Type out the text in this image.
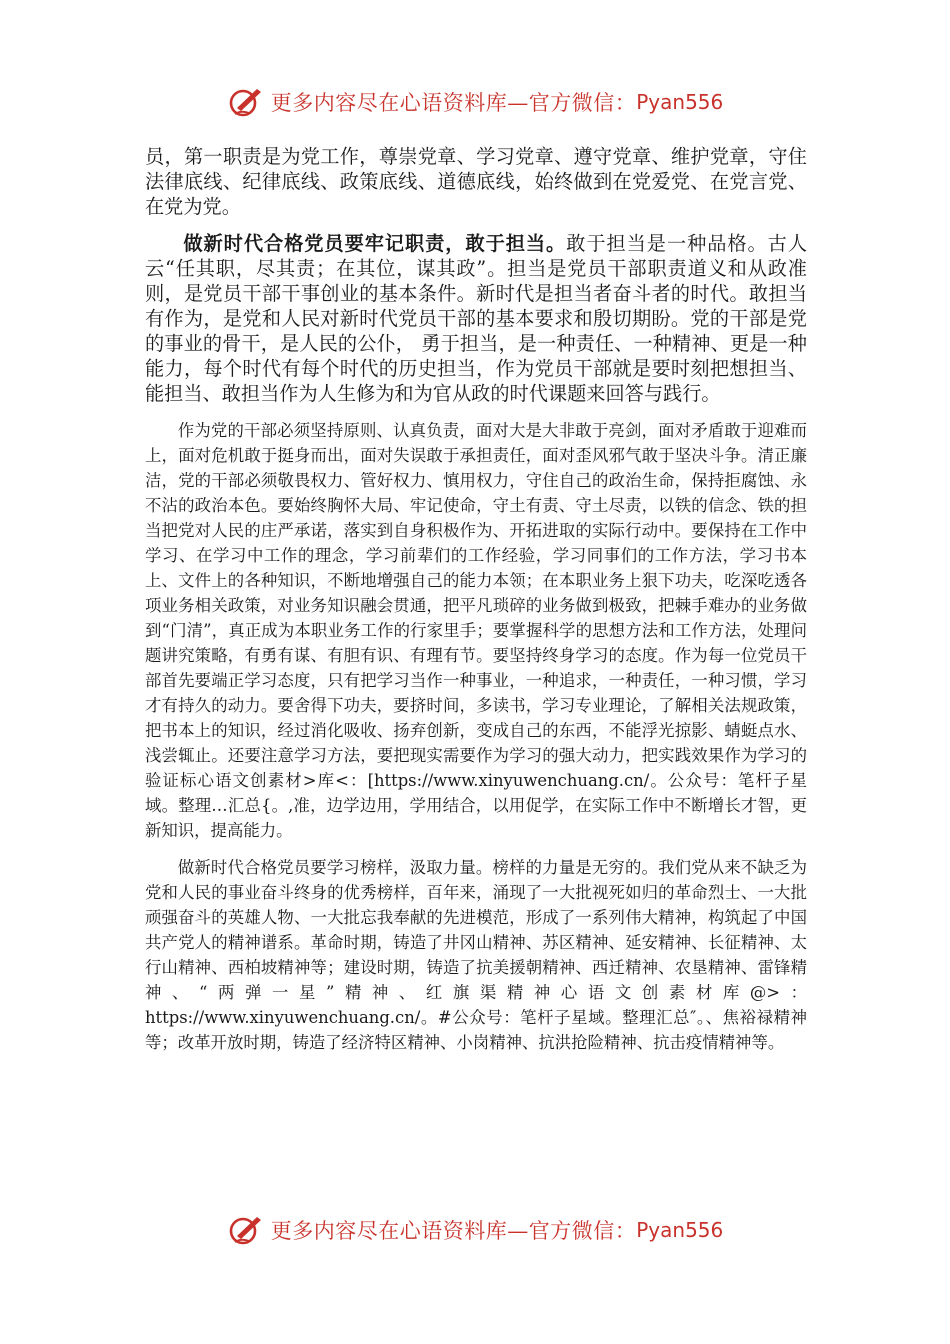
更多内容尽在心语资料库—官方微信： Pyan556

员，第一职责是为党工作，尊崇党章、学习党章、遵守党章、维护党章，守住法律底线、纪律底线、政策底线、道德底线，始终做到在党爱党、在党言党、在党为党。

做新时代合格党员要牢记职责，敢于担当。敢于担当是一种品格。古人云“任其职，尽其责；在其位，谋其政”。担当是党员干部职责道义和从政准则，是党员干部干事创业的基本条件。新时代是担当者奋斗者的时代。敢担当有作为，是党和人民对新时代党员干部的基本要求和殷切期盼。党的干部是党的事业的骨干，是人民的公仆， 勇于担当，是一种责任、一种精神、更是一种能力，每个时代有每个时代的历史担当，作为党员干部就是要时刻把想担当、能担当、敢担当作为人生修为和为官从政的时代课题来回答与践行。

作为党的干部必须坚持原则、认真负责，面对大是大非敢于亮剑，面对矛盾敢于迎难而上，面对危机敢于挺身而出，面对失误敢于承担责任，面对歪风邪气敢于坚决斗争。清正廉洁，党的干部必须敬畏权力、管好权力、慎用权力，守住自己的政治生命，保持拒腐蚀、永不沾的政治本色。要始终胸怀大局、牢记使命，守土有责、守土尽责，以铁的信念、铁的担当把党对人民的庄严承诺，落实到自身积极作为、开拓进取的实际行动中。要保持在工作中学习、在学习中工作的理念，学习前辈们的工作经验，学习同事们的工作方法，学习书本上、文件上的各种知识，不断地增强自己的能力本领；在本职业务上狠下功夫，吃深吃透各项业务相关政策，对业务知识融会贯通，把平凡琐碎的业务做到极致，把棘手难办的业务做到“门清”，真正成为本职业务工作的行家里手；要掌握科学的思想方法和工作方法，处理问题讲究策略，有勇有谋、有胆有识、有理有节。要坚持终身学习的态度。作为每一位党员干部首先要端正学习态度，只有把学习当作一种事业，一种追求，一种责任，一种习惯，学习才有持久的动力。要舍得下功夫，要挤时间，多读书，学习专业理论，了解相关法规政策，把书本上的知识，经过消化吸收、扬弃创新，变成自己的东西，不能浮光掠影、蜻蜓点水、浅尝辄止。还要注意学习方法，要把现实需要作为学习的强大动力，把实践效果作为学习的验证标心语文创素材>库<：[https://www.xinyuwenchuang.cn/。公众号：笔杆子星域。整理…汇总{。,准，边学边用，学用结合，以用促学，在实际工作中不断增长才智，更新知识，提高能力。

做新时代合格党员要学习榜样，汲取力量。榜样的力量是无穷的。我们党从来不缺乏为党和人民的事业奋斗终身的优秀榜样，百年来，涌现了一大批视死如归的革命烈士、一大批顽强奋斗的英雄人物、一大批忘我奉献的先进模范，形成了一系列伟大精神，构筑起了中国共产党人的精神谱系。革命时期，铸造了井冈山精神、苏区精神、延安精神、长征精神、太行山精神、西柏坡精神等；建设时期，铸造了抗美援朝精神、西迁精神、农垦精神、雷锋精神、“两弹一星”精神、红旗渠精神心语文创素材库@>：https://www.xinyuwenchuang.cn/。#公众号：笔杆子星域。整理汇总″。、焦裕禄精神等；改革开放时期，铸造了经济特区精神、小岗精神、抗洪抢险精神、抗击疫情精神等。

更多内容尽在心语资料库—官方微信： Pyan556
